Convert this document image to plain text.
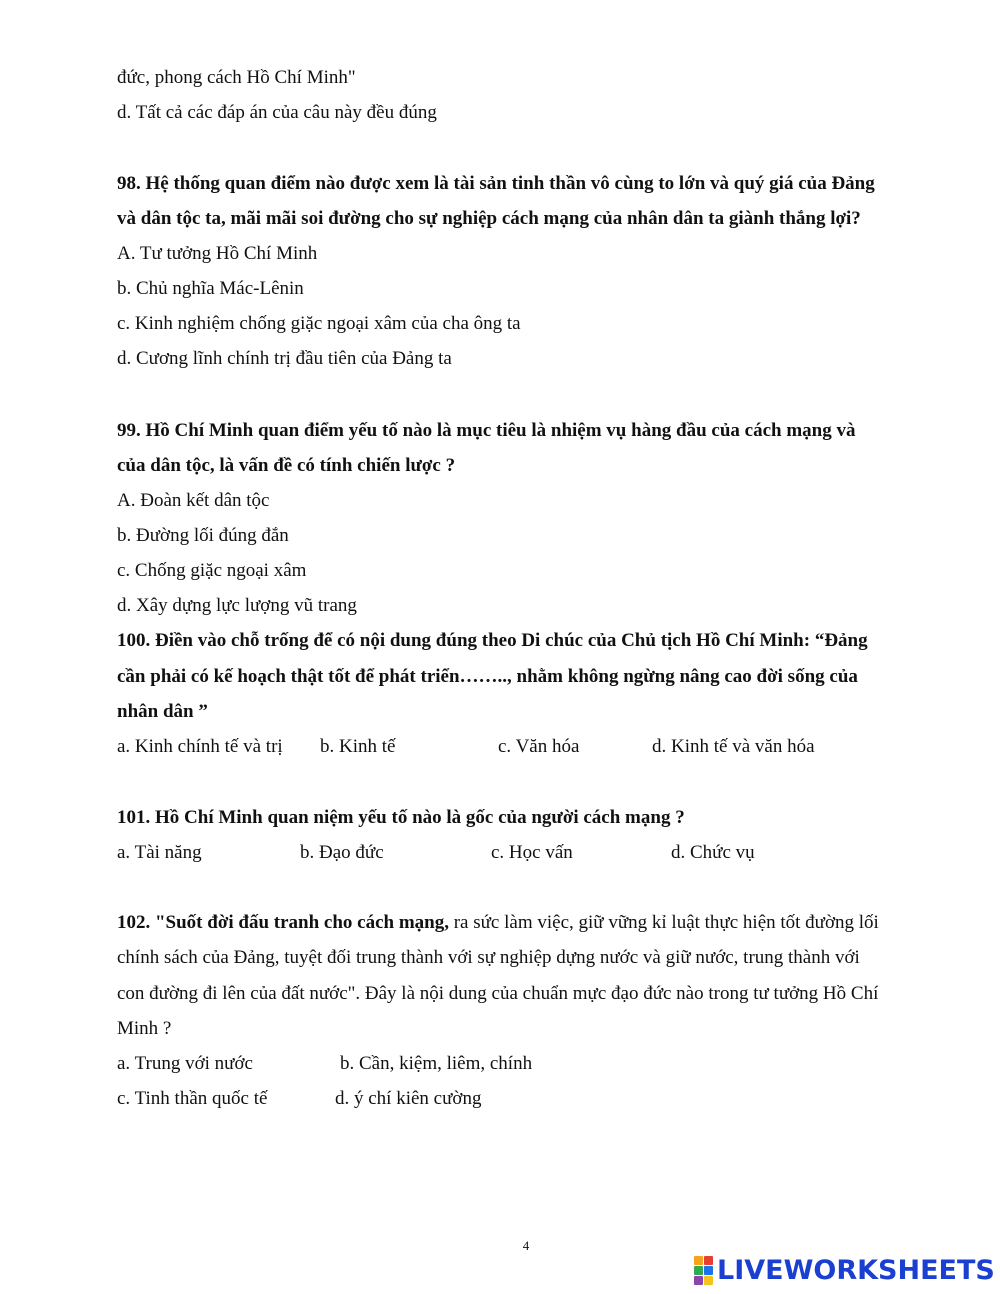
đức, phong cách Hồ Chí Minh"
d. Tất cả các đáp án của câu này đều đúng
98. Hệ thống quan điểm nào được xem là tài sản tinh thần vô cùng to lớn và quý giá của Đảng
và dân tộc ta, mãi mãi soi đường cho sự nghiệp cách mạng của nhân dân ta giành thắng lợi?
A. Tư tưởng Hồ Chí Minh
b. Chủ nghĩa Mác-Lênin
c. Kinh nghiệm chống giặc ngoại xâm của cha ông ta
d. Cương lĩnh chính trị đầu tiên của Đảng ta
99. Hồ Chí Minh quan điểm yếu tố nào là mục tiêu là nhiệm vụ hàng đầu của cách mạng và
của dân tộc, là vấn đề có tính chiến lược ?
A. Đoàn kết dân tộc
b. Đường lối đúng đắn
c. Chống giặc ngoại xâm
d. Xây dựng lực lượng vũ trang
100. Điền vào chỗ trống để có nội dung đúng theo Di chúc của Chủ tịch Hồ Chí Minh: “Đảng
cần phải có kế hoạch thật tốt để phát triển…….., nhằm không ngừng nâng cao đời sống của
nhân dân ”
a. Kinh chính tế và trị b. Kinh tế	c. Văn hóa	d. Kinh tế và văn hóa
101. Hồ Chí Minh quan niệm yếu tố nào là gốc của người cách mạng ?
a. Tài năng	b. Đạo đức	c. Học vấn	d. Chức vụ
102. "Suốt đời đấu tranh cho cách mạng, ra sức làm việc, giữ vững kỉ luật thực hiện tốt đường lối
chính sách của Đảng, tuyệt đối trung thành với sự nghiệp dựng nước và giữ nước, trung thành với
con đường đi lên của đất nước". Đây là nội dung của chuẩn mực đạo đức nào trong tư tưởng Hồ Chí
Minh ?
a. Trung với nước	b. Cần, kiệm, liêm, chính
c. Tinh thần quốc tế	d. ý chí kiên cường
4
LIVEWORKSHEETS
